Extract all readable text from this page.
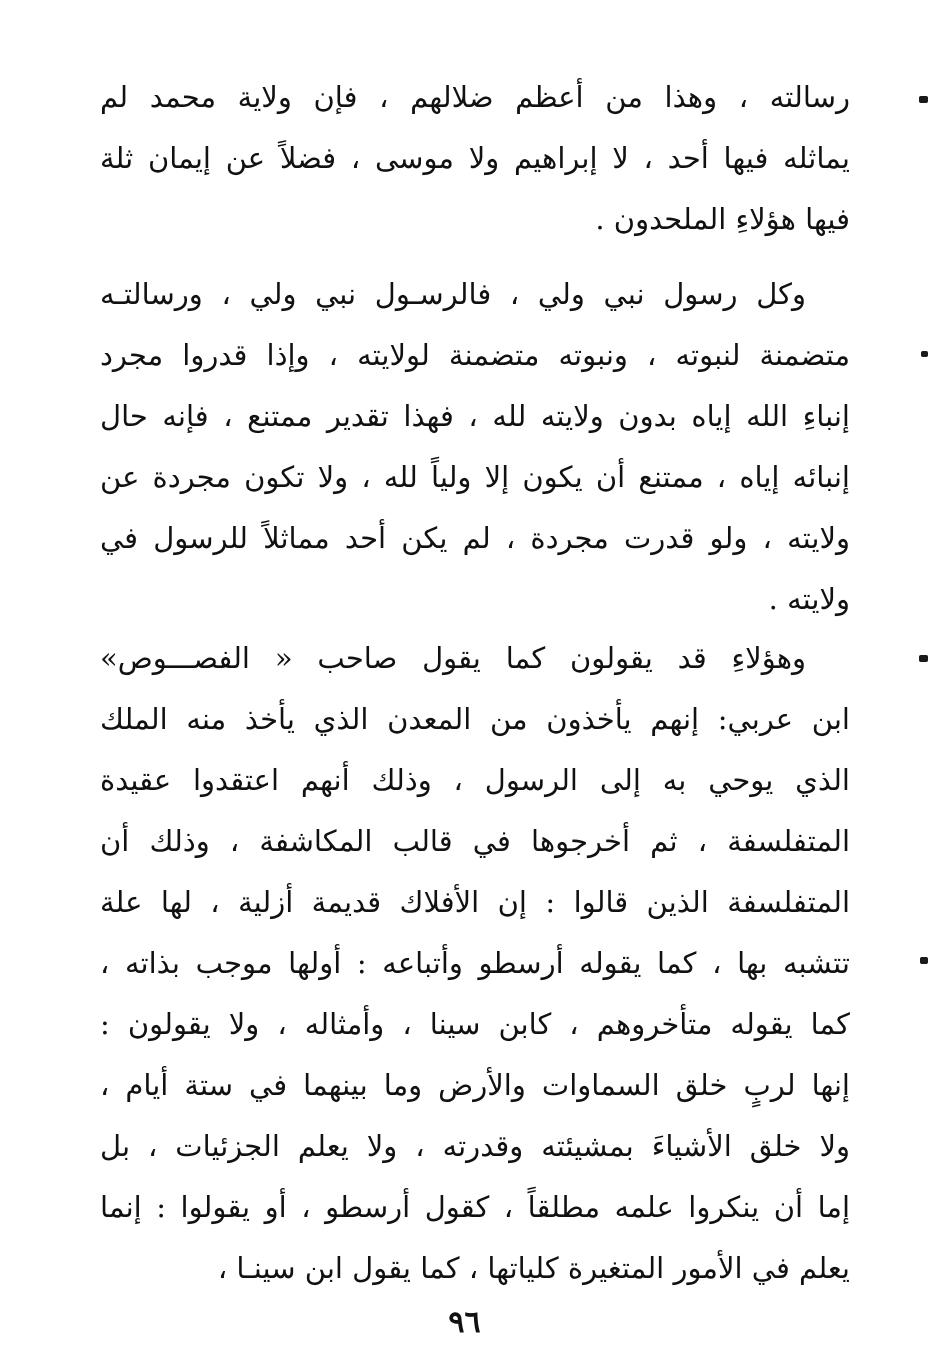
رسالته ، وهذا من أعظم ضلالهم ، فإن ولاية محمد لم
يماثله فيها أحد ، لا إبراهيم ولا موسى ، فضلاً عن إيمان ثلة
فيها هؤلاءِ الملحدون .
وكل رسول نبي ولي ، فالرسـول نبي ولي ، ورسالتـه
متضمنة لنبوته ، ونبوته متضمنة لولايته ، وإذا قدروا مجرد
إنباءِ الله إياه بدون ولايته لله ، فهذا تقدير ممتنع ، فإنه حال
إنبائه إياه ، ممتنع أن يكون إلا ولياً لله ، ولا تكون مجردة عن
ولايته ، ولو قدرت مجردة ، لم يكن أحد مماثلاً للرسول في
ولايته .
وهؤلاءِ قد يقولون كما يقول صاحب « الفصـــوص»
ابن عربي: إنهم يأخذون من المعدن الذي يأخذ منه الملك
الذي يوحي به إلى الرسول ، وذلك أنهم اعتقدوا عقيدة
المتفلسفة ، ثم أخرجوها في قالب المكاشفة ، وذلك أن
المتفلسفة الذين قالوا : إن الأفلاك قديمة أزلية ، لها علة
تتشبه بها ، كما يقوله أرسطو وأتباعه : أولها موجب بذاته ،
كما يقوله متأخروهم ، كابن سينا ، وأمثاله ، ولا يقولون :
إنها لربٍ خلق السماوات والأرض وما بينهما في ستة أيام ،
ولا خلق الأشياءَ بمشيئته وقدرته ، ولا يعلم الجزئيات ، بل
إما أن ينكروا علمه مطلقاً ، كقول أرسطو ، أو يقولوا : إنما
يعلم في الأمور المتغيرة كلياتها ، كما يقول ابن سينـا ،
٩٦
